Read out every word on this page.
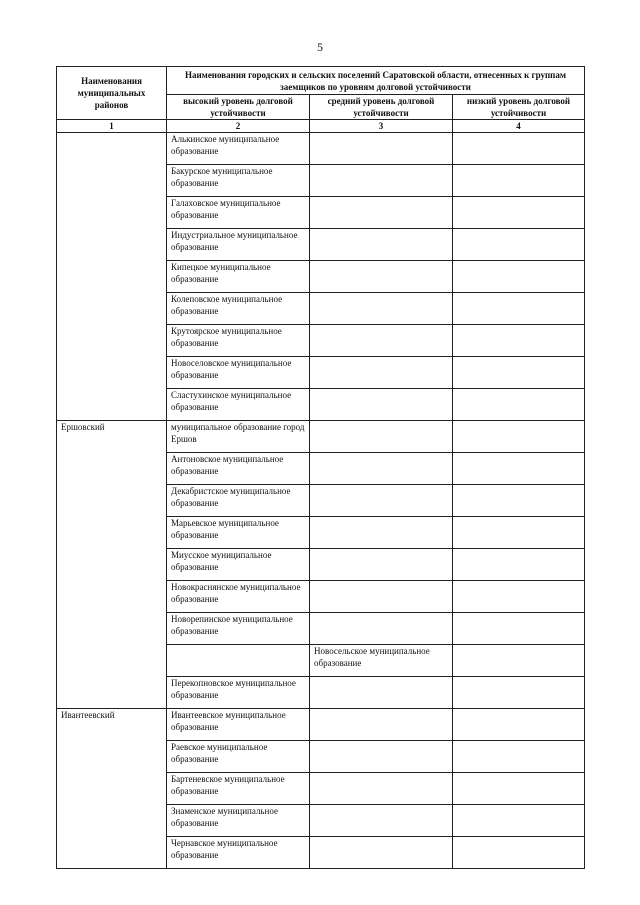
5
Наименования муниципальных районов	Наименования городских и сельских поселений Саратовской области, отнесенных к группам заемщиков по уровням долговой устойчивости		
	высокий уровень долговой устойчивости	средний уровень долговой устойчивости	низкий уровень долговой устойчивости
1	2	3	4
	Алькинское муниципальное образование		
	Бакурское муниципальное образование		
	Галаховское муниципальное образование		
	Индустриальное муниципальное образование		
	Кипецкое муниципальное образование		
	Колеповское муниципальное образование		
	Крутоярское муниципальное образование		
	Новоселовское муниципальное образование		
	Сластухинское муниципальное образование		
Ершовский	муниципальное образование город Ершов		
	Антоновское муниципальное образование		
	Декабристское муниципальное образование		
	Марьевское муниципальное образование		
	Миусское муниципальное образование		
	Новокраснянское муниципальное образование		
	Новорепинское муниципальное образование		
		Новосельское муниципальное образование	
	Перекопновское муниципальное образование		
Ивантеевский	Ивантеевское муниципальное образование		
	Раевское муниципальное образование		
	Бартеневское муниципальное образование		
	Знаменское муниципальное образование		
	Чернавское муниципальное образование		
